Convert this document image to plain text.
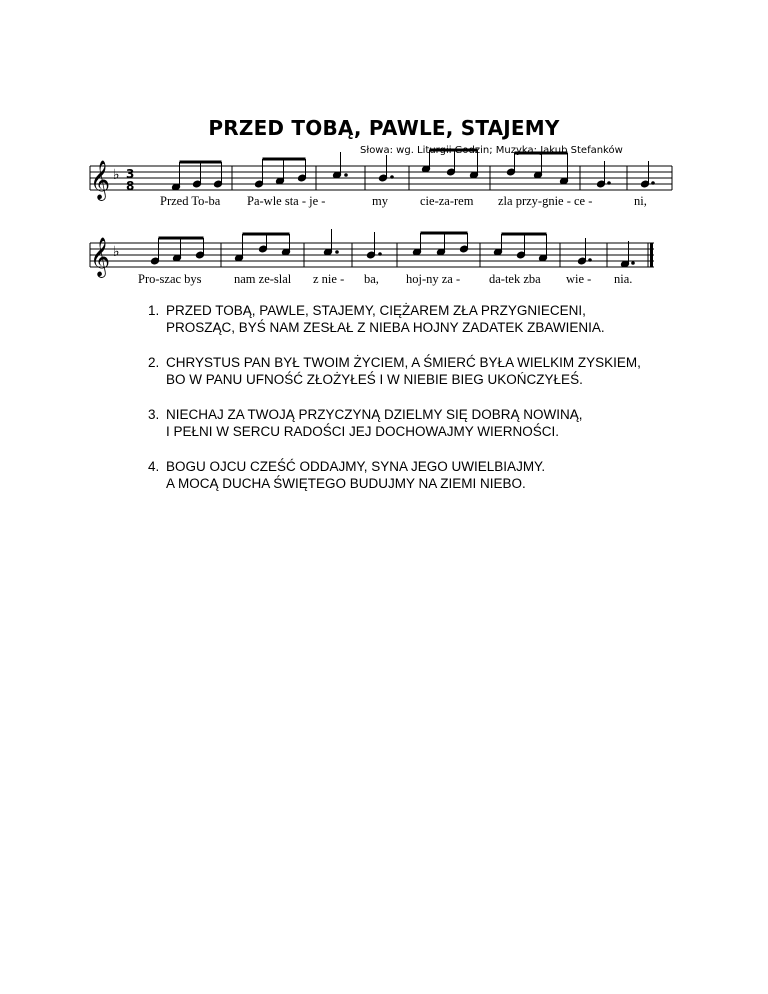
PRZED TOBĄ, PAWLE, STAJEMY
Słowa: wg. Liturgii Godzin; Muzyka: Jakub Stefanków
𝄞 ♭ 3
8
Przed To-ba Pa-wle sta - je -	my	cie-za-rem zla przy-gnie - ce -	ni,
𝄞 ♭
Pro-szac bys	nam ze-slal z nie - ba, hoj-ny za - da-tek zba wie - nia.
1. PRZED TOBĄ, PAWLE, STAJEMY, CIĘŻAREM ZŁA PRZYGNIECENI,
PROSZĄC, BYŚ NAM ZESŁAŁ Z NIEBA HOJNY ZADATEK ZBAWIENIA.
2. CHRYSTUS PAN BYŁ TWOIM ŻYCIEM, A ŚMIERĆ BYŁA WIELKIM ZYSKIEM,
BO W PANU UFNOŚĆ ZŁOŻYŁEŚ I W NIEBIE BIEG UKOŃCZYŁEŚ.
3. NIECHAJ ZA TWOJĄ PRZYCZYNĄ DZIELMY SIĘ DOBRĄ NOWINĄ,
I PEŁNI W SERCU RADOŚCI JEJ DOCHOWAJMY WIERNOŚCI.
4. BOGU OJCU CZEŚĆ ODDAJMY, SYNA JEGO UWIELBIAJMY.
A MOCĄ DUCHA ŚWIĘTEGO BUDUJMY NA ZIEMI NIEBO.
